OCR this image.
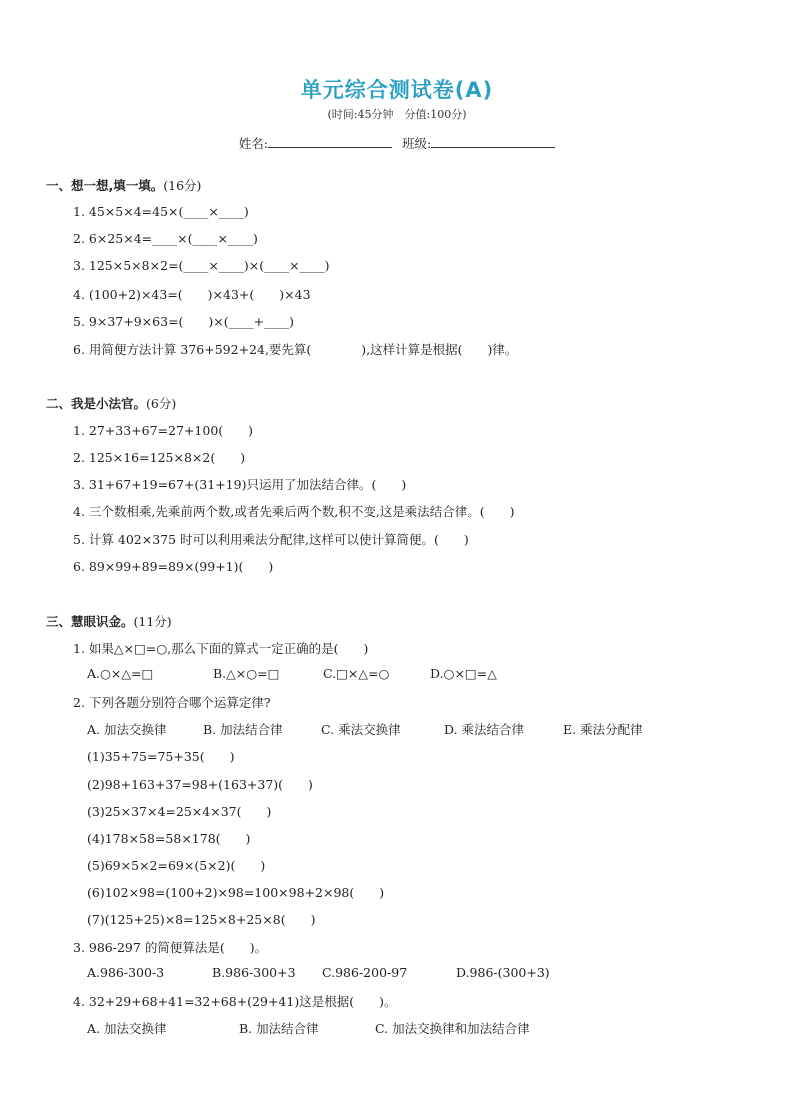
单元综合测试卷(A)
(时间:45分钟　分值:100分)
姓名:	班级:
一、想一想,填一填。(16分)
1. 45×5×4=45×(____×____)
2. 6×25×4=____×(____×____)
3. 125×5×8×2=(____×____)×(____×____)
4. (100+2)×43=(　　)×43+(　　)×43
5. 9×37+9×63=(　　)×(____+____)
6. 用简便方法计算 376+592+24,要先算(　　　　),这样计算是根据(　　)律。
二、我是小法官。(6分)
1. 27+33+67=27+100(　　)
2. 125×16=125×8×2(　　)
3. 31+67+19=67+(31+19)只运用了加法结合律。(　　)
4. 三个数相乘,先乘前两个数,或者先乘后两个数,积不变,这是乘法结合律。(　　)
5. 计算 402×375 时可以利用乘法分配律,这样可以使计算简便。(　　)
6. 89×99+89=89×(99+1)(　　)
三、慧眼识金。(11分)
1. 如果△×□=○,那么下面的算式一定正确的是(　　)
A.○×△=□	B.△×○=□	C.□×△=○	D.○×□=△
2. 下列各题分别符合哪个运算定律?
A. 加法交换律	B. 加法结合律	C. 乘法交换律	D. 乘法结合律	E. 乘法分配律
(1)35+75=75+35(　　)
(2)98+163+37=98+(163+37)(　　)
(3)25×37×4=25×4×37(　　)
(4)178×58=58×178(　　)
(5)69×5×2=69×(5×2)(　　)
(6)102×98=(100+2)×98=100×98+2×98(　　)
(7)(125+25)×8=125×8+25×8(　　)
3. 986-297 的简便算法是(　　)。
A.986-300-3	B.986-300+3 C.986-200-97	D.986-(300+3)
4. 32+29+68+41=32+68+(29+41)这是根据(　　)。
A. 加法交换律	B. 加法结合律	C. 加法交换律和加法结合律
